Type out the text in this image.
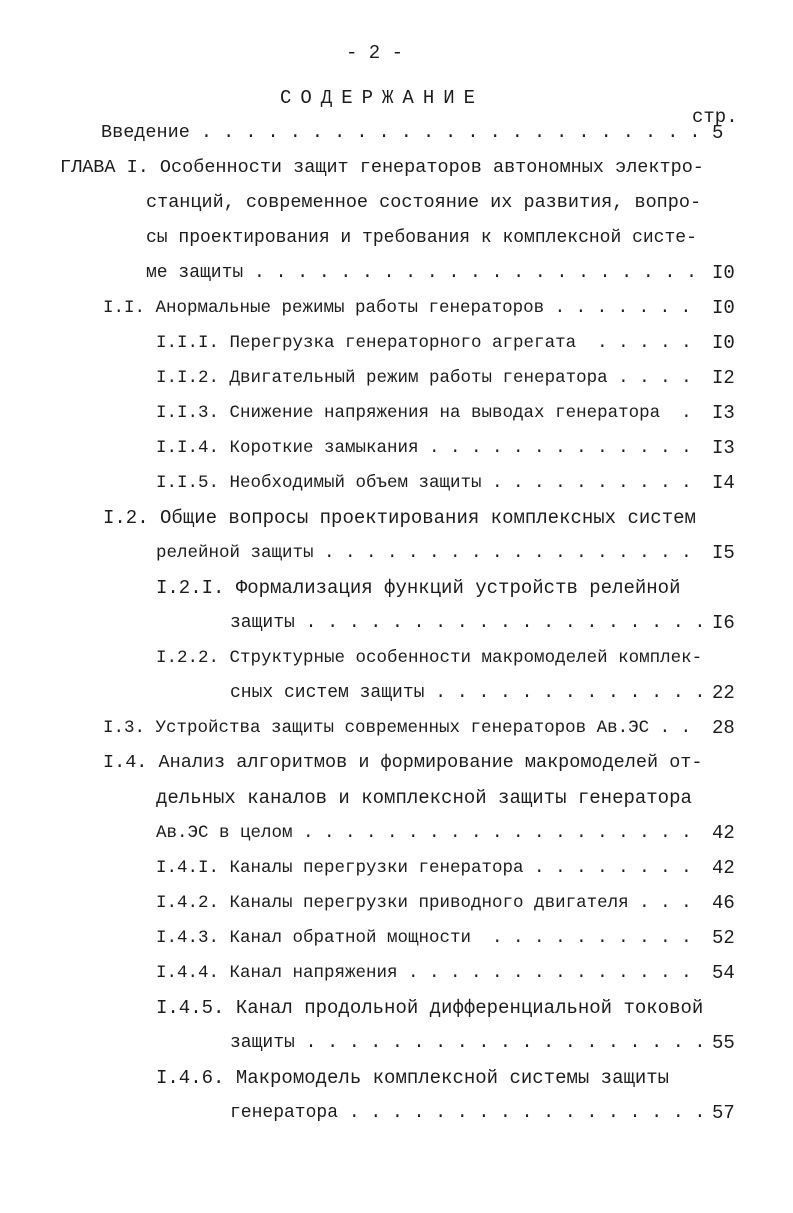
- 2 -
СОДЕРЖАНИЕ
стр.
Введение . . . . . . . . . . . . . . . . . . . . . . . 5
ГЛАВА I. Особенности защит генераторов автономных электро-
станций, современное состояние их развития, вопро-
сы проектирования и требования к комплексной систе-
ме защиты . . . . . . . . . . . . . . . . . . . . . I0
I.I. Анормальные режимы работы генераторов . . . . . . . I0
I.I.I. Перегрузка генераторного агрегата  . . . . . I0
I.I.2. Двигательный режим работы генератора . . . . I2
I.I.3. Снижение напряжения на выводах генератора  . I3
I.I.4. Короткие замыкания . . . . . . . . . . . . . I3
I.I.5. Необходимый объем защиты . . . . . . . . . . I4
I.2. Общие вопросы проектирования комплексных систем
релейной защиты . . . . . . . . . . . . . . . . . . I5
I.2.I. Формализация функций устройств релейной
защиты . . . . . . . . . . . . . . . . . . . I6
I.2.2. Структурные особенности макромоделей комплек-
сных систем защиты . . . . . . . . . . . . . 22
I.3. Устройства защиты современных генераторов Ав.ЭС . . 28
I.4. Анализ алгоритмов и формирование макромоделей от-
дельных каналов и комплексной защиты генератора
Ав.ЭС в целом . . . . . . . . . . . . . . . . . . . 42
I.4.I. Каналы перегрузки генератора . . . . . . . . 42
I.4.2. Каналы перегрузки приводного двигателя . . . 46
I.4.3. Канал обратной мощности  . . . . . . . . . . 52
I.4.4. Канал напряжения . . . . . . . . . . . . . . 54
I.4.5. Канал продольной дифференциальной токовой
защиты . . . . . . . . . . . . . . . . . . . 55
I.4.6. Макромодель комплексной системы защиты
генератора . . . . . . . . . . . . . . . . . 57
